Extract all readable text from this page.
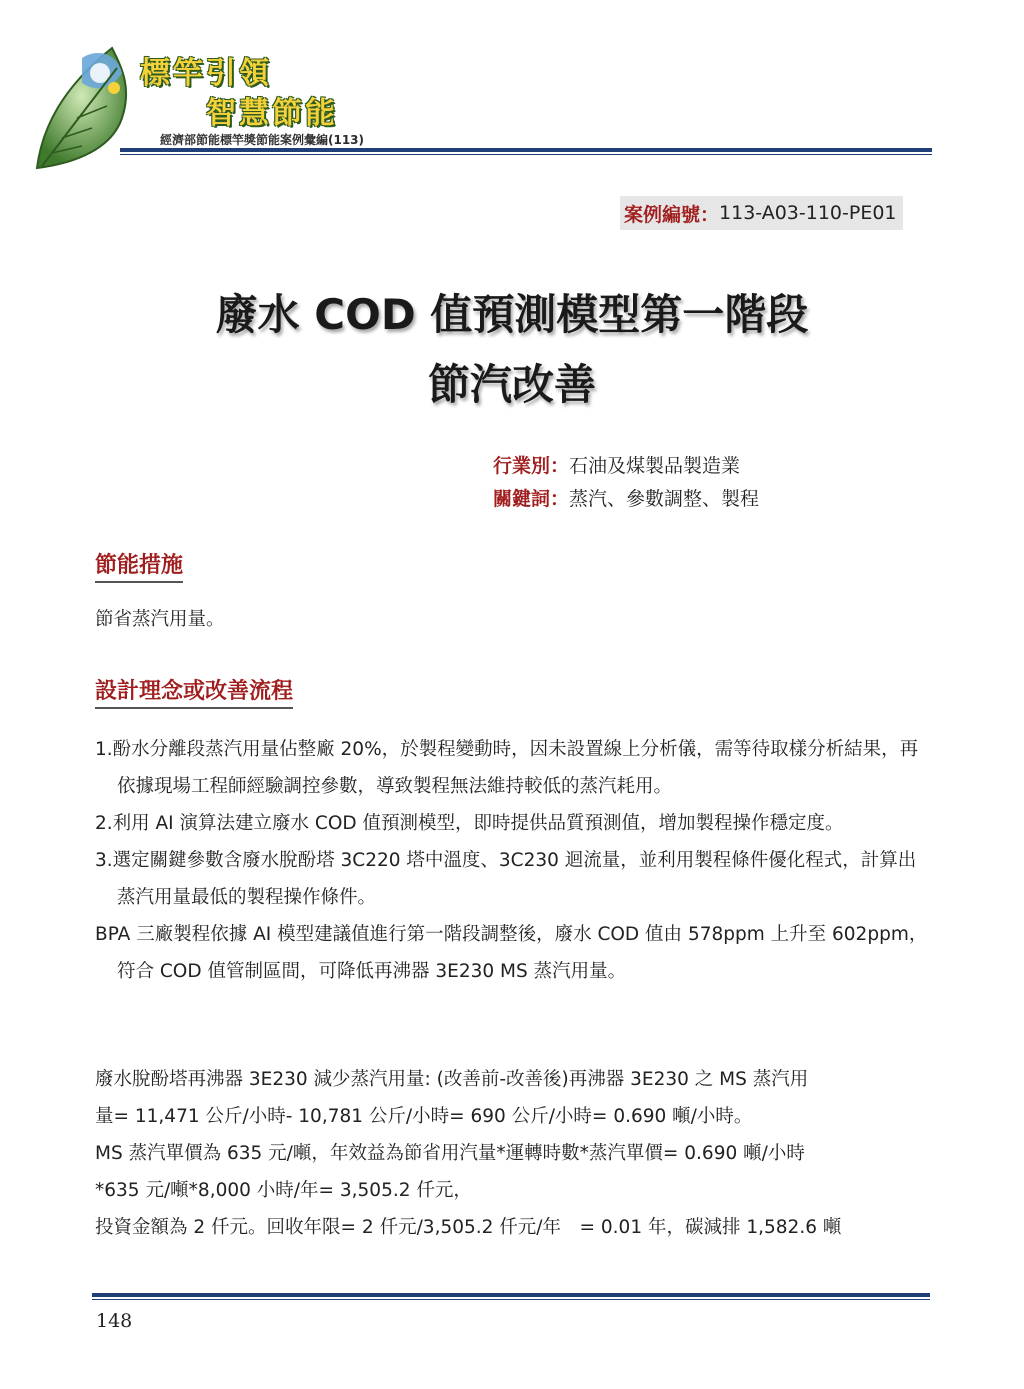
標竿引領
智慧節能
經濟部節能標竿獎節能案例彙編(113)
案例編號： 113-A03-110-PE01
廢水 COD 值預測模型第一階段
節汽改善
行業別：石油及煤製品製造業
關鍵詞：蒸汽、參數調整、製程
節能措施
節省蒸汽用量。
設計理念或改善流程
1.酚水分離段蒸汽用量佔整廠 20%，於製程變動時，因未設置線上分析儀，需等待取樣分析結果，再依據現場工程師經驗調控參數，導致製程無法維持較低的蒸汽耗用。
2.利用 AI 演算法建立廢水 COD 值預測模型，即時提供品質預測值，增加製程操作穩定度。
3.選定關鍵參數含廢水脫酚塔 3C220 塔中溫度、3C230 迴流量，並利用製程條件優化程式，計算出蒸汽用量最低的製程操作條件。
BPA 三廠製程依據 AI 模型建議值進行第一階段調整後，廢水 COD 值由 578ppm 上升至 602ppm，符合 COD 值管制區間，可降低再沸器 3E230 MS 蒸汽用量。
廢水脫酚塔再沸器 3E230 減少蒸汽用量: (改善前-改善後)再沸器 3E230 之 MS 蒸汽用
量= 11,471 公斤/小時- 10,781 公斤/小時= 690 公斤/小時= 0.690 噸/小時。
MS 蒸汽單價為 635 元/噸，年效益為節省用汽量*運轉時數*蒸汽單價= 0.690 噸/小時
*635 元/噸*8,000 小時/年= 3,505.2 仟元，
投資金額為 2 仟元。回收年限= 2 仟元/3,505.2 仟元/年　= 0.01 年，碳減排 1,582.6 噸
148
